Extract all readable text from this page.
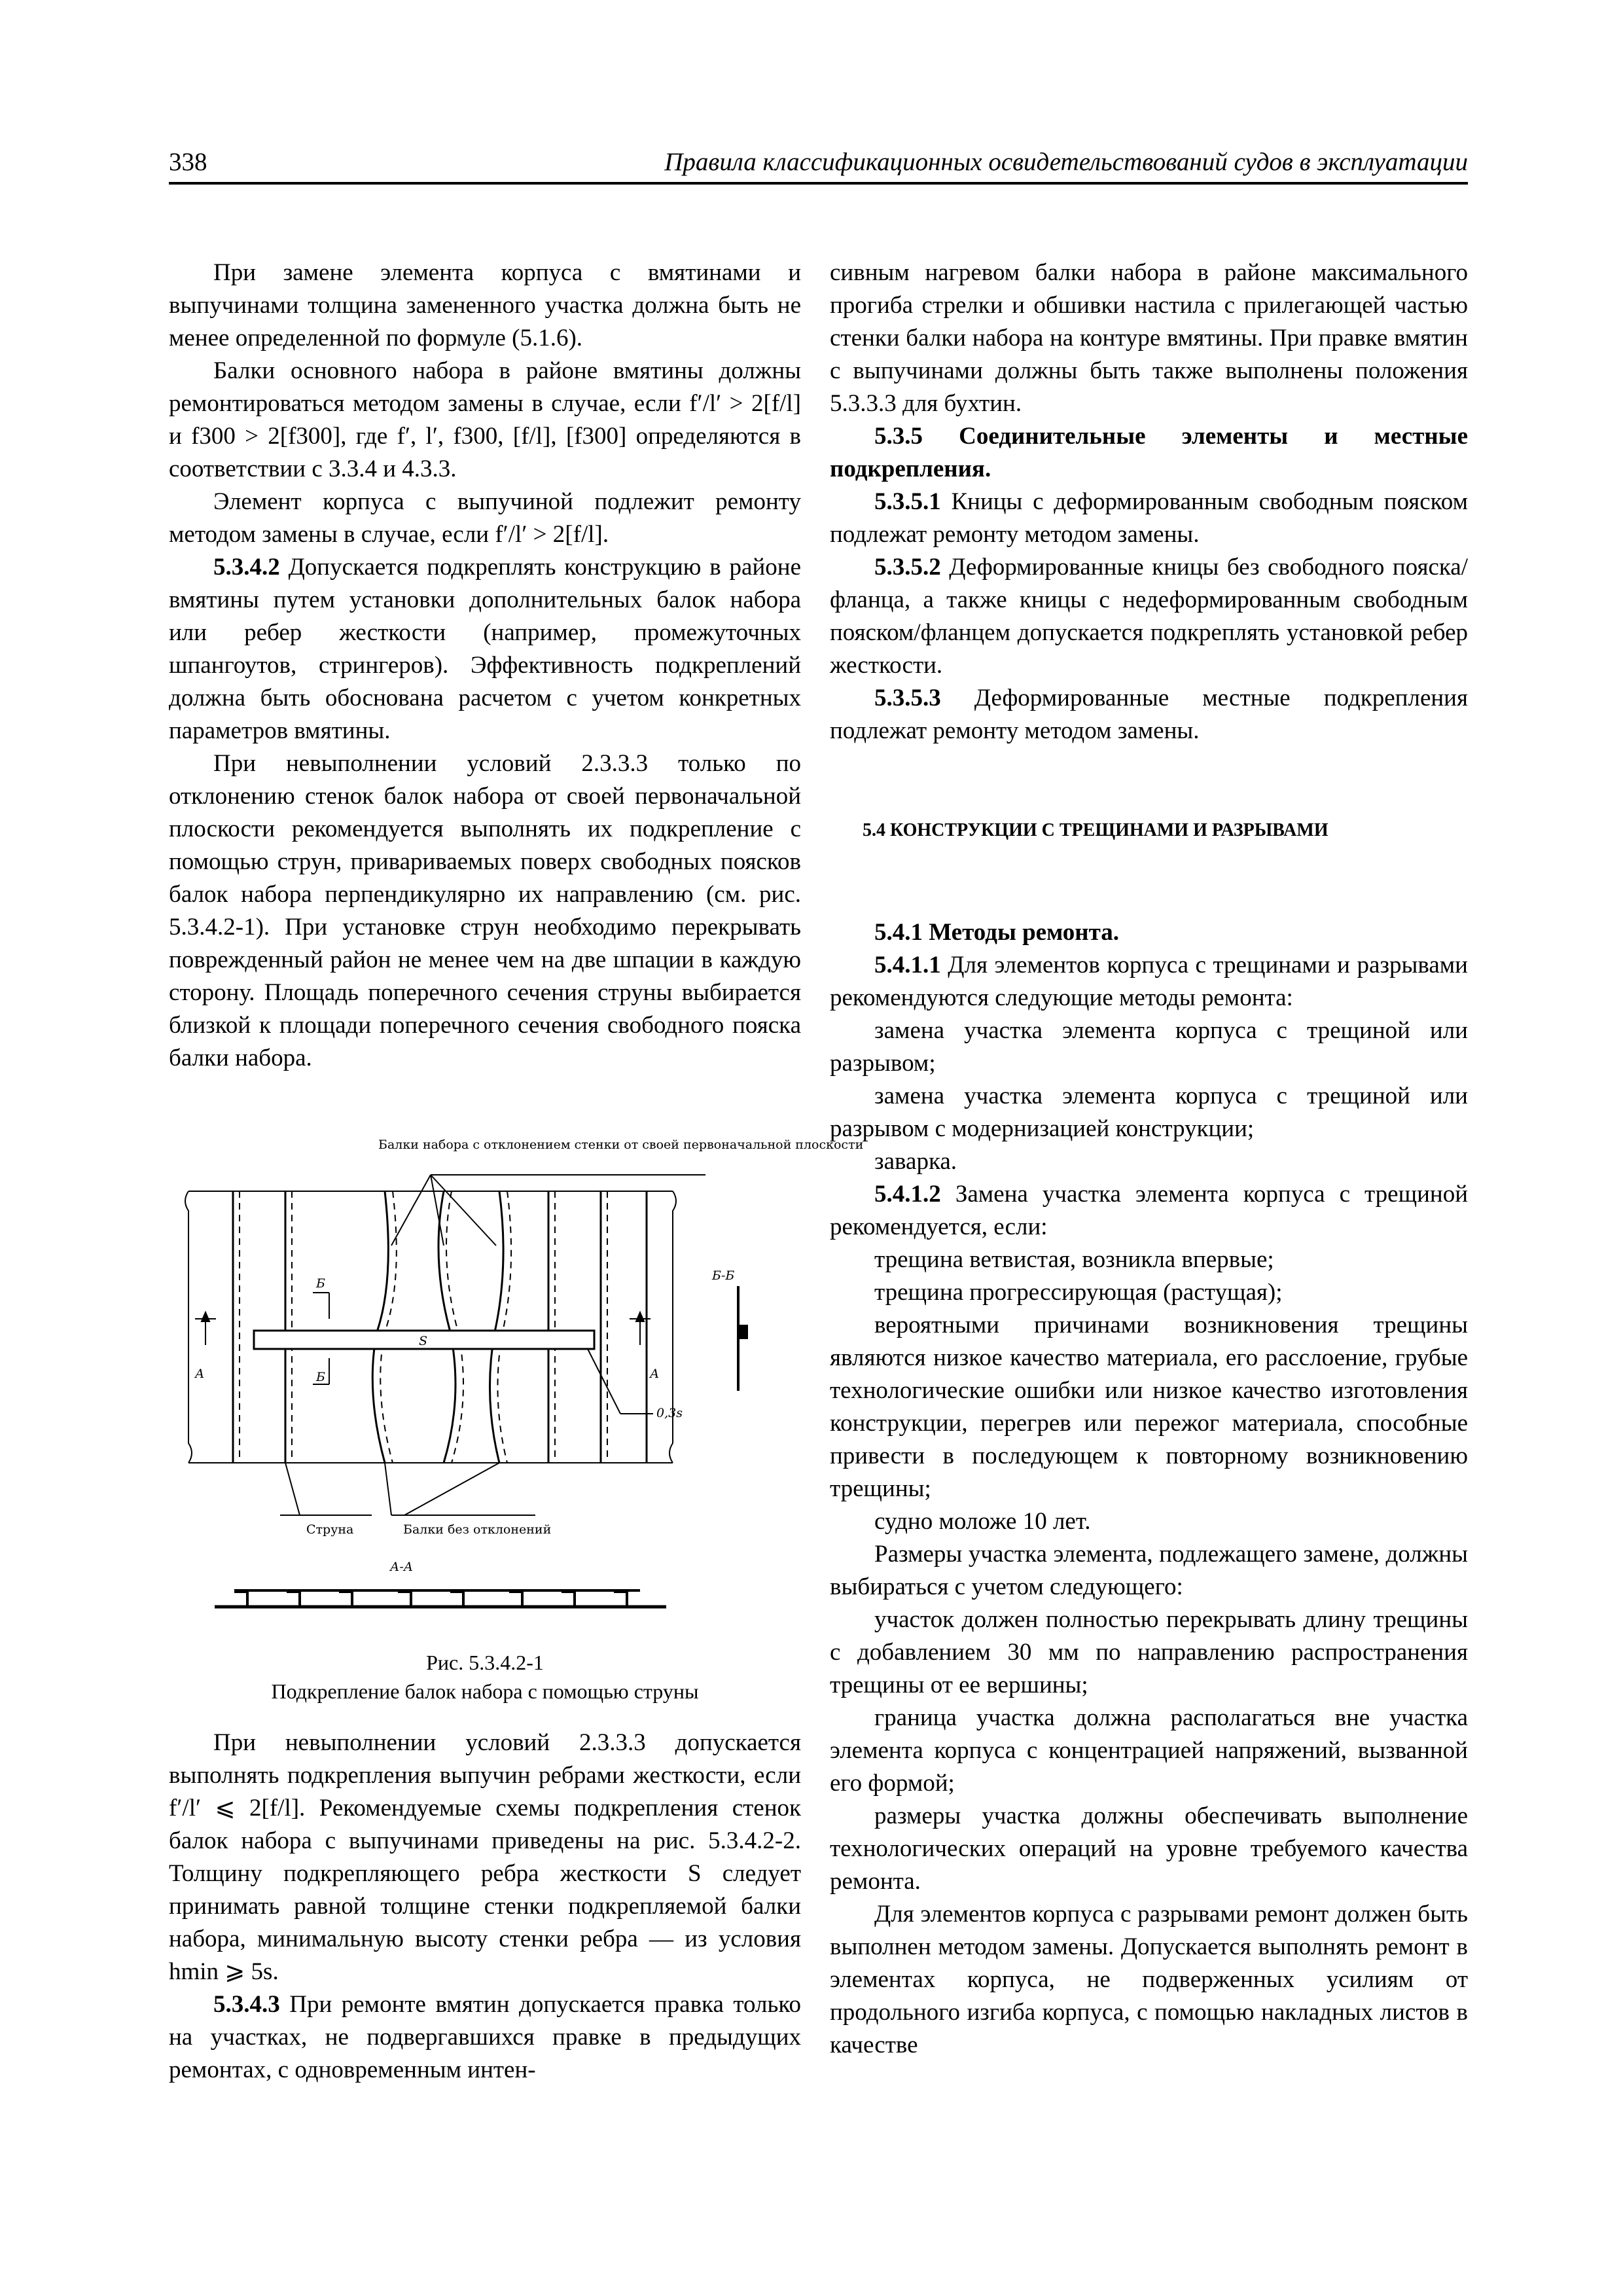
338	Правила классификационных освидетельствований судов в эксплуатации

При замене элемента корпуса с вмятинами и выпучинами толщина замененного участка должна быть не менее определенной по формуле (5.1.6).

Балки основного набора в районе вмятины должны ремонтироваться методом замены в случае, если f′/l′ > 2[f/l] и f300 > 2[f300], где f′, l′, f300, [f/l], [f300] определяются в соответствии с 3.3.4 и 4.3.3.

Элемент корпуса с выпучиной подлежит ремонту методом замены в случае, если f′/l′ > 2[f/l].

5.3.4.2 Допускается подкреплять конструкцию в районе вмятины путем установки дополнительных балок набора или ребер жесткости (например, промежуточных шпангоутов, стрингеров). Эффективность подкреплений должна быть обоснована расчетом с учетом конкретных параметров вмятины.

При невыполнении условий 2.3.3.3 только по отклонению стенок балок набора от своей первоначальной плоскости рекомендуется выполнять их подкрепление с помощью струн, привариваемых поверх свободных поясков балок набора перпендикулярно их направлению (см. рис. 5.3.4.2-1). При установке струн необходимо перекрывать поврежденный район не менее чем на две шпации в каждую сторону. Площадь поперечного сечения струны выбирается близкой к площади поперечного сечения свободного пояска балки набора.

Балки набора с отклонением стенки от своей первоначальной плоскости
Б-Б
Б
Б
А	А
S
0,3s
Струна	Балки без отклонений
А-А
Рис. 5.3.4.2-1
Подкрепление балок набора с помощью струны

При невыполнении условий 2.3.3.3 допускается выполнять подкрепления выпучин ребрами жесткости, если f′/l′ ⩽ 2[f/l]. Рекомендуемые схемы подкрепления стенок балок набора с выпучинами приведены на рис. 5.3.4.2-2. Толщину подкрепляющего ребра жесткости S следует принимать равной толщине стенки подкрепляемой балки набора, минимальную высоту стенки ребра — из условия hmin ⩾ 5s.

5.3.4.3 При ремонте вмятин допускается правка только на участках, не подвергавшихся правке в предыдущих ремонтах, с одновременным интен-

сивным нагревом балки набора в районе максимального прогиба стрелки и обшивки настила с прилегающей частью стенки балки набора на контуре вмятины. При правке вмятин с выпучинами должны быть также выполнены положения 5.3.3.3 для бухтин.

5.3.5 Соединительные элементы и местные подкрепления.

5.3.5.1 Кницы с деформированным свободным пояском подлежат ремонту методом замены.

5.3.5.2 Деформированные кницы без свободного пояска/фланца, а также кницы с недеформированным свободным пояском/фланцем допускается подкреплять установкой ребер жесткости.

5.3.5.3 Деформированные местные подкрепления подлежат ремонту методом замены.

5.4 КОНСТРУКЦИИ С ТРЕЩИНАМИ И РАЗРЫВАМИ

5.4.1 Методы ремонта.

5.4.1.1 Для элементов корпуса с трещинами и разрывами рекомендуются следующие методы ремонта:

замена участка элемента корпуса с трещиной или разрывом;

замена участка элемента корпуса с трещиной или разрывом с модернизацией конструкции;

заварка.

5.4.1.2 Замена участка элемента корпуса с трещиной рекомендуется, если:

трещина ветвистая, возникла впервые;

трещина прогрессирующая (растущая);

вероятными причинами возникновения трещины являются низкое качество материала, его расслоение, грубые технологические ошибки или низкое качество изготовления конструкции, перегрев или пережог материала, способные привести в последующем к повторному возникновению трещины;

судно моложе 10 лет.

Размеры участка элемента, подлежащего замене, должны выбираться с учетом следующего:

участок должен полностью перекрывать длину трещины с добавлением 30 мм по направлению распространения трещины от ее вершины;

граница участка должна располагаться вне участка элемента корпуса с концентрацией напряжений, вызванной его формой;

размеры участка должны обеспечивать выполнение технологических операций на уровне требуемого качества ремонта.

Для элементов корпуса с разрывами ремонт должен быть выполнен методом замены. Допускается выполнять ремонт в элементах корпуса, не подверженных усилиям от продольного изгиба корпуса, с помощью накладных листов в качестве
